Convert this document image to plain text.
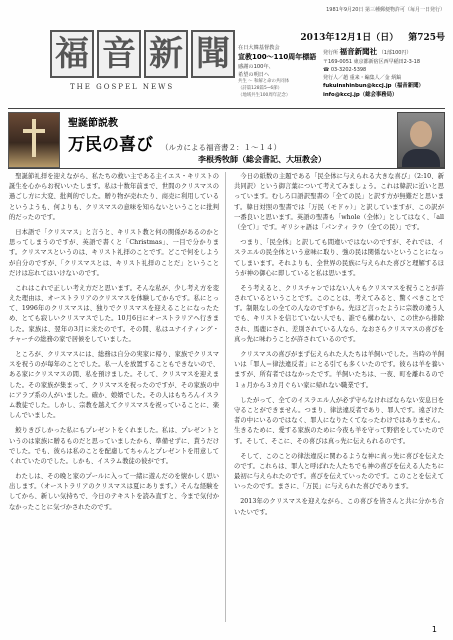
1981年9月20日 第三種郵便物許可（毎月一日発行）
福 音 新 聞
THE GOSPEL NEWS
在日大韓基督教会
宣教100～110周年標語
感謝の100年、
希望の明日へ
共生 〜 和解と命の共同体
（詩篇128篇5~6節）
（地域共生100周年記念）
2013年12月1日（日） 第725号
発行所 福音新聞社 （1部100円）
〒169-0051 東京都新宿区西早稲田2-3-18
☎ 03-3202-5398
発行人／趙 重来・編集人／金 炳鎬
fukuinshinbun@kccj.jp（福音新聞）
info@kccj.jp（総会事務局）
聖誕節説教
万民の喜び （ルカによる福音書２：１～１４）
李根秀牧師（総会書記、大垣教会）

聖誕節礼拝を迎えながら、私たちの救い主である主イエス・キリストの誕生を心からお祝いいたします。私は十数年前まで、世間のクリスマスの過ごし方に大変、批判的でした。贈り物が売れたり、商売に利用しているというようも、何よりも、クリスマスの意味を知らないということに批判的だったのです。

日本語で「クリスマス」と言うと、キリスト教と何の関係があるのかと思ってしまうのですが、英語で書くと「Christmas」、一目で分かります。クリスマスというのは、キリスト礼拝のことです。どこで何をしようが自分のですが、「クリスマスとは、キリスト礼拝のことだ」ということだけは忘れてはいけないのです。

これはこれで正しい考え方だと思います。そんな私が、少し考え方を変えた理由は、オーストラリアのクリスマスを体験してからです。私にとって、1996年のクリスマスは、独りでクリスマスを迎えることになったため、とても寂しいクリスマスでした。10月6日にオーストラリアへ行きました。家族は、翌年の3月に来たのです。その間、私はユナイティング・チャーチの総務の家で居候をしていました。

ところが、クリスマスには、総務は自分の実家に帰り、家族でクリスマスを祝うのが毎年のことでした。私一人を放置することもできないので、ある家にクリスマスの間、私を預けました。そして、クリスマスを迎えました。その家族が集まって、クリスマスを祝ったのですが、その家族の中にアラブ系の人がいました。確か、娘婿でした。その人はもちろんイスラム教徒でした。しかし、宗教を越えてクリスマスを祝っていることに、楽しんでいました。

鮫りきびしかった私にもプレゼントをくれました。私は、プレゼントというのは家族に贈るものだと思っていましたから、準備せずに、貰うだけでした。でも、彼らは私のことを配慮してちゃんとプレゼントを用意してくれていたのでした。しかも、イスラム教徒の彼がです。

わたしは、その晩と家のプールに入って一緒に遊んだのを懐かしく思い出します。（オーストラリアのクリスマスは夏にあります。）そんな経験をしてから、新しい気持ちで、今日のテキストを読み直すと、今まで気付かなかったことに気づかされたのです。

今日の紙数の主題である「民全体に与えられる大きな喜び」（2:10、新共同訳）という御言葉について考えてみましょう。これは韓訳に近いと思っています。むしろ口語訳聖書の「全ての民」と訳す方が無難だと思います。韓日対照の聖書では「万民（モドゥ）」と訳していますが、この訳が一番良いと思います。英語の聖書も「whole（全体）」としてはなく、「all（全て）」です。ギリシャ語は「パンティ ラウ（全ての民）」です。

つまり、「民全体」と訳しても間違いではないのですが、それでは、イスラエルの民全体という意味に取り、強の民は関係ないということになってしまいます。それよりも、全世界の民族に与えられた喜びと理解するほうが神の御心に即していると私は思います。

そう考えると、クリスチャンではない人々もクリスマスを祝うことが許されているということです。このことは、考えてみると、驚くべきことです。制限なしの全ての人なのですから。先ほど言ったように宗教の違う人でも、キリストを信じていない人でも、誰でも構わない、この世から排除され、馬鹿にされ、差別されている人なら、なおさらクリスマスの喜びを真っ先に味わうことが許されているのです。

クリスマスの喜びがまず伝えられた人たちは羊飼いでした。当時の羊飼いは「罪人＝律法違反者」にとる引ても多くいたのです。彼らは羊を養いますが、所有者ではなかったです。羊飼いたちは、一夜、町を離れるので１ヵ月から３カ月ぐらい家に帰れない職業です。

したがって、全てのイスラエル人が必ず守らなければならない安息日を守ることができません。つまり、律法違反者であり、罪人です。遠ざけた者の中にいるのではなく、罪人になりたくてなったわけではありません。生きるために、愛する家族のために今夜も羊を守って野宿をしていたのです。そして、そこに、その喜びは真っ先に伝えられるのです。

そして、このことの律法違反に関わるような神に真っ先に喜びを伝えたのです。これらは、罪人と呼ばれた人たちでも神の喜びを伝える人たちに最初に与えられたのです。喜びを伝えていったのです。このことを伝えていったのです。まさに、「万民」に与えられた喜びであります。

2013年のクリスマスを迎えながら、この喜びを皆さんと共に分かち合いたいです。

1
